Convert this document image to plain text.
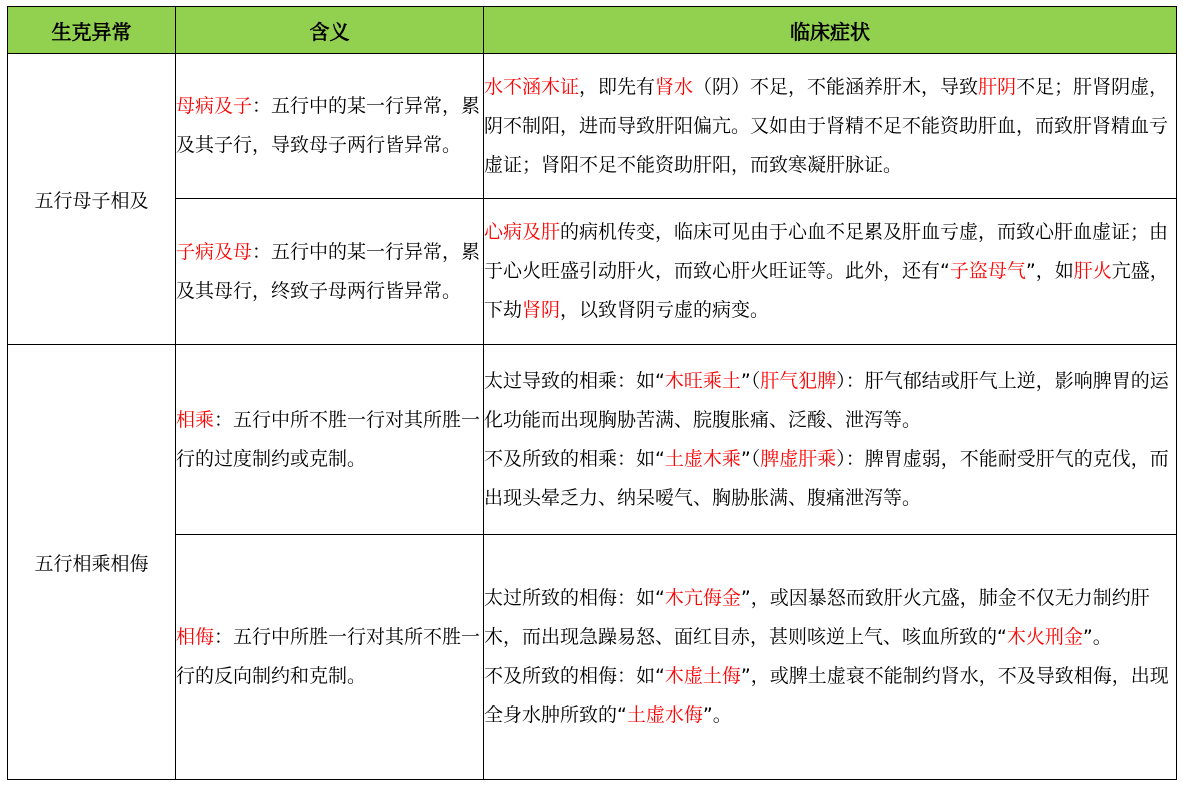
生克异常	含义	临床症状
五行母子相及	母病及子：五行中的某一行异常，累及其子行，导致母子两行皆异常。	水不涵木证，即先有肾水（阴）不足，不能涵养肝木，导致肝阴不足；肝肾阴虚，阴不制阳，进而导致肝阳偏亢。又如由于肾精不足不能资助肝血，而致肝肾精血亏虚证；肾阳不足不能资助肝阳，而致寒凝肝脉证。

	子病及母：五行中的某一行异常，累及其母行，终致子母两行皆异常。	心病及肝的病机传变，临床可见由于心血不足累及肝血亏虚，而致心肝血虚证；由于心火旺盛引动肝火，而致心肝火旺证等。此外，还有“子盗母气”，如肝火亢盛，下劫肾阴，以致肾阴亏虚的病变。

五行相乘相侮	相乘：五行中所不胜一行对其所胜一行的过度制约或克制。	太过导致的相乘：如“木旺乘土”（肝气犯脾）：肝气郁结或肝气上逆，影响脾胃的运化功能而出现胸胁苦满、脘腹胀痛、泛酸、泄泻等。
不及所致的相乘：如“土虚木乘”（脾虚肝乘）：脾胃虚弱，不能耐受肝气的克伐，而出现头晕乏力、纳呆嗳气、胸胁胀满、腹痛泄泻等。

	相侮：五行中所胜一行对其所不胜一行的反向制约和克制。	太过所致的相侮：如“木亢侮金”，或因暴怒而致肝火亢盛，肺金不仅无力制约肝木，而出现急躁易怒、面红目赤，甚则咳逆上气、咳血所致的“木火刑金”。
不及所致的相侮：如“木虚土侮”，或脾土虚衰不能制约肾水，不及导致相侮，出现全身水肿所致的“土虚水侮”。
